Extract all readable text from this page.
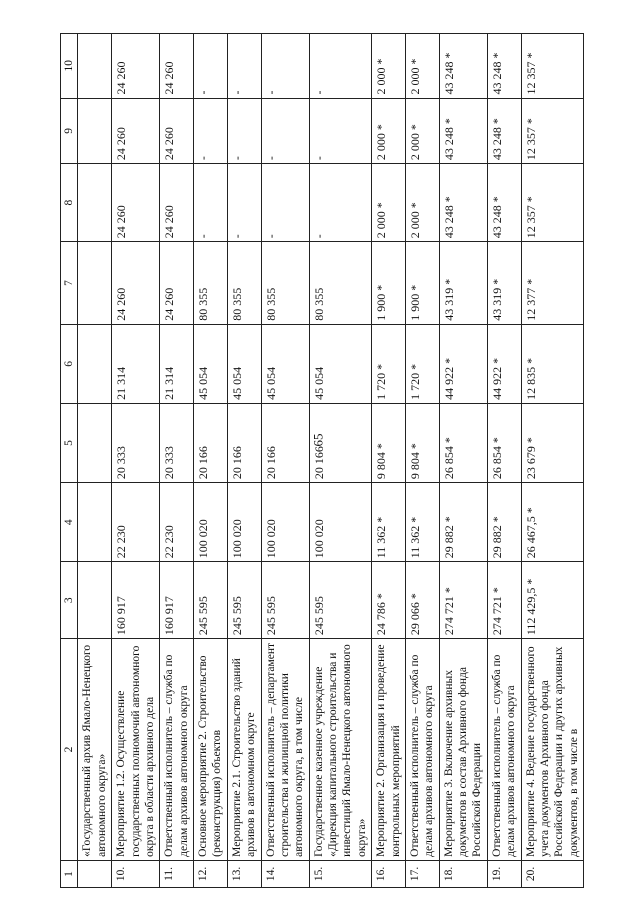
65
1	2	3	4	5	6	7	8	9	10
	«Государственный архив Ямало-Ненецкого автономного округа»								
10.	Мероприятие 1.2. Осуществление государственных полномочий автономного округа в области архивного дела	160 917	22 230	20 333	21 314	24 260	24 260	24 260	24 260
11.	Ответственный исполнитель – служба по делам архивов автономного округа	160 917	22 230	20 333	21 314	24 260	24 260	24 260	24 260
12.	Основное мероприятие 2. Строительство (реконструкция) объектов	245 595	100 020	20 166	45 054	80 355	-	-	-
13.	Мероприятие 2.1. Строительство зданий архивов в автономном округе	245 595	100 020	20 166	45 054	80 355	-	-	-
14.	Ответственный исполнитель – департамент строительства и жилищной политики автономного округа, в том числе	245 595	100 020	20 166	45 054	80 355	-	-	-
15.	Государственное казенное учреждение «Дирекция капитального строительства и инвестиций Ямало-Ненецкого автономного округа»	245 595	100 020	20 166	45 054	80 355	-	-	-
16.	Мероприятие 2. Организация и проведение контрольных мероприятий	24 786 *	11 362 *	9 804 *	1 720 *	1 900 *	2 000 *	2 000 *	2 000 *
17.	Ответственный исполнитель – служба по делам архивов автономного округа	29 066 *	11 362 *	9 804 *	1 720 *	1 900 *	2 000 *	2 000 *	2 000 *
18.	Мероприятие 3. Включение архивных документов в состав Архивного фонда Российской Федерации	274 721 *	29 882 *	26 854 *	44 922 *	43 319 *	43 248 *	43 248 *	43 248 *
19.	Ответственный исполнитель – служба по делам архивов автономного округа	274 721 *	29 882 *	26 854 *	44 922 *	43 319 *	43 248 *	43 248 *	43 248 *
20.	Мероприятие 4. Ведение государственного учета документов Архивного фонда Российской Федерации и других архивных документов, в том числе в	112 429,5 *	26 467,5 *	23 679 *	12 835 *	12 377 *	12 357 *	12 357 *	12 357 *
